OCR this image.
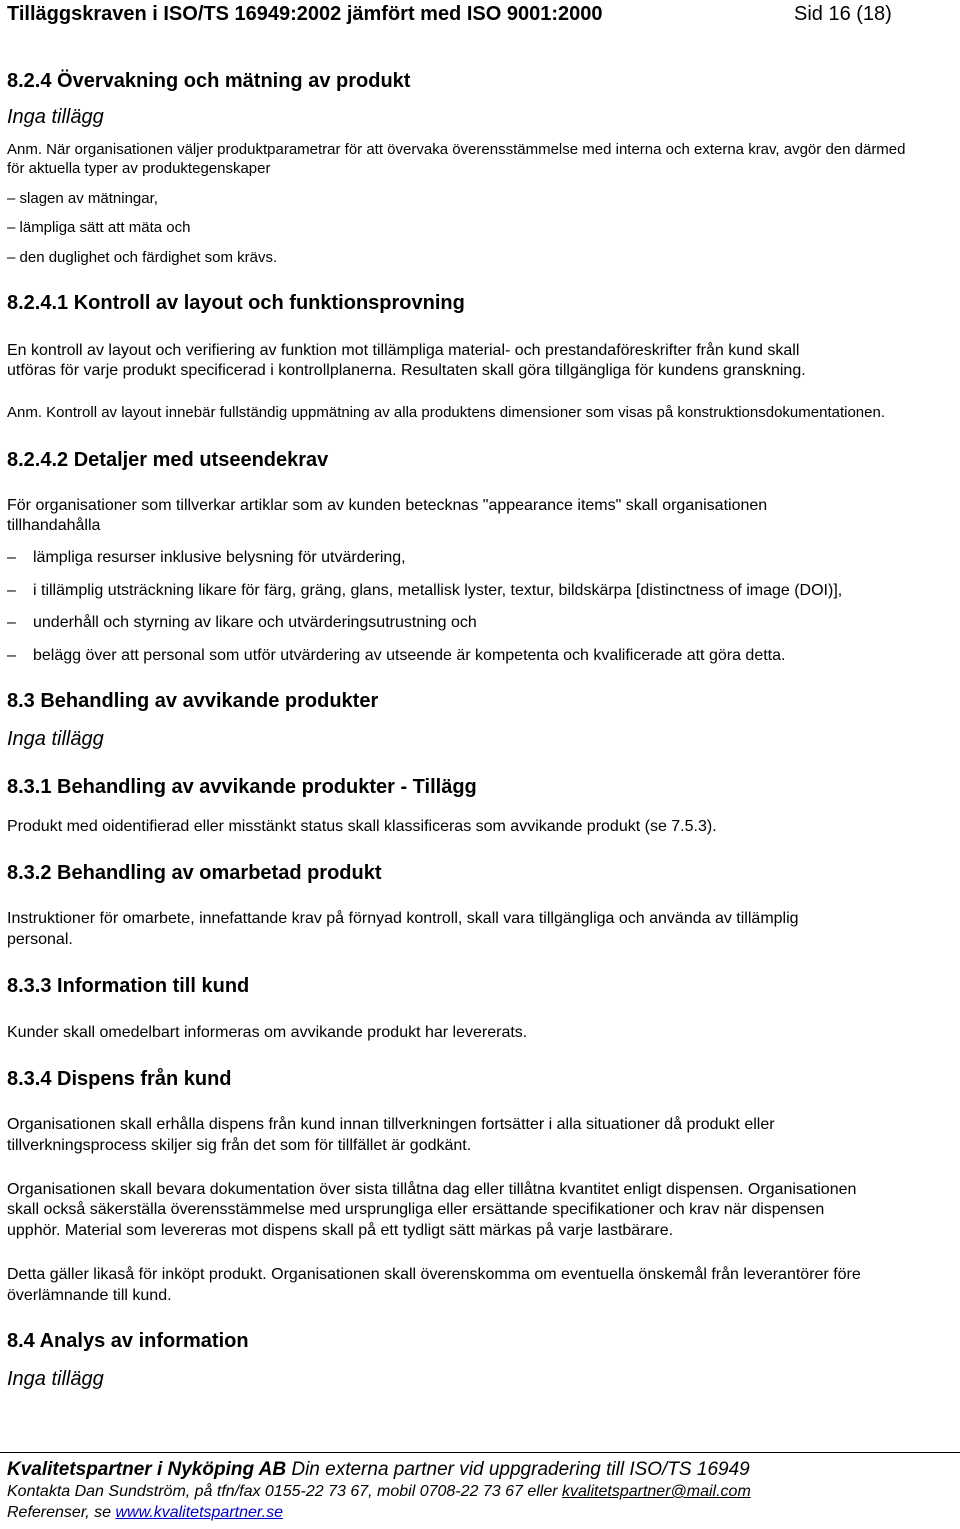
Tilläggskraven i ISO/TS 16949:2002 jämfört med ISO 9001:2000	Sid 16 (18)
8.2.4 Övervakning och mätning av produkt
Inga tillägg
Anm. När organisationen väljer produktparametrar för att övervaka överensstämmelse med interna och externa krav, avgör den därmed
för aktuella typer av produktegenskaper
– slagen av mätningar,
– lämpliga sätt att mäta och
– den duglighet och färdighet som krävs.
8.2.4.1 Kontroll av layout och funktionsprovning
En kontroll av layout och verifiering av funktion mot tillämpliga material- och prestandaföreskrifter från kund skall
utföras för varje produkt specificerad i kontrollplanerna. Resultaten skall göra tillgängliga för kundens granskning.
Anm. Kontroll av layout innebär fullständig uppmätning av alla produktens dimensioner som visas på konstruktionsdokumentationen.
8.2.4.2 Detaljer med utseendekrav
För organisationer som tillverkar artiklar som av kunden betecknas "appearance items" skall organisationen
tillhandahålla
– lämpliga resurser inklusive belysning för utvärdering,
– i tillämplig utsträckning likare för färg, gräng, glans, metallisk lyster, textur, bildskärpa [distinctness of image (DOI)],
– underhåll och styrning av likare och utvärderingsutrustning och
– belägg över att personal som utför utvärdering av utseende är kompetenta och kvalificerade att göra detta.
8.3 Behandling av avvikande produkter
Inga tillägg
8.3.1 Behandling av avvikande produkter - Tillägg
Produkt med oidentifierad eller misstänkt status skall klassificeras som avvikande produkt (se 7.5.3).
8.3.2 Behandling av omarbetad produkt
Instruktioner för omarbete, innefattande krav på förnyad kontroll, skall vara tillgängliga och använda av tillämplig
personal.
8.3.3 Information till kund
Kunder skall omedelbart informeras om avvikande produkt har levererats.
8.3.4 Dispens från kund
Organisationen skall erhålla dispens från kund innan tillverkningen fortsätter i alla situationer då produkt eller
tillverkningsprocess skiljer sig från det som för tillfället är godkänt.
Organisationen skall bevara dokumentation över sista tillåtna dag eller tillåtna kvantitet enligt dispensen. Organisationen
skall också säkerställa överensstämmelse med ursprungliga eller ersättande specifikationer och krav när dispensen
upphör. Material som levereras mot dispens skall på ett tydligt sätt märkas på varje lastbärare.
Detta gäller likaså för inköpt produkt. Organisationen skall överenskomma om eventuella önskemål från leverantörer före
överlämnande till kund.
8.4 Analys av information
Inga tillägg
Kvalitetspartner i Nyköping AB Din externa partner vid uppgradering till ISO/TS 16949
Kontakta Dan Sundström, på tfn/fax 0155-22 73 67, mobil 0708-22 73 67 eller kvalitetspartner@mail.com
Referenser, se www.kvalitetspartner.se
